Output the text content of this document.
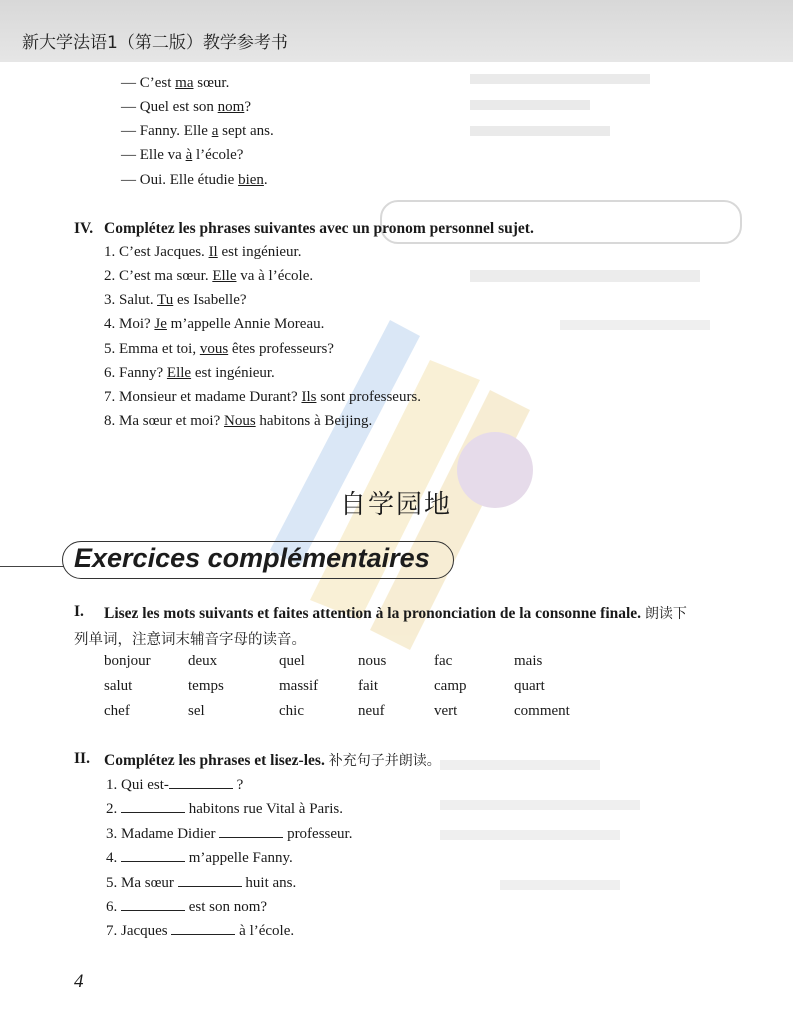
新大学法语1（第二版）教学参考书

— C’est ma sœur.

— Quel est son nom?

— Fanny. Elle a sept ans.

— Elle va à l’école?

— Oui. Elle étudie bien.

IV. Complétez les phrases suivantes avec un pronom personnel sujet.
1. C’est Jacques. Il est ingénieur.
2. C’est ma sœur. Elle va à l’école.
3. Salut. Tu es Isabelle?
4. Moi? Je m’appelle Annie Moreau.
5. Emma et toi, vous êtes professeurs?
6. Fanny? Elle est ingénieur.
7. Monsieur et madame Durant? Ils sont professeurs.
8. Ma sœur et moi? Nous habitons à Beijing.
自学园地
Exercices complémentaires
I. Lisez les mots suivants et faites attention à la prononciation de la consonne finale. 朗读下
列单词，注意词末辅音字母的读音。
bonjour deux	quel	nous	fac	mais
salut	temps	massif	fait	camp	quart
chef	sel	chic	neuf	vert	comment
II. Complétez les phrases et lisez-les. 补充句子并朗读。
1. Qui est-	?
2.	habitons rue Vital à Paris.
3. Madame Didier	professeur.
4.	m’appelle Fanny.
5. Ma sœur	huit ans.
6.	est son nom?
7. Jacques	à l’école.
4
